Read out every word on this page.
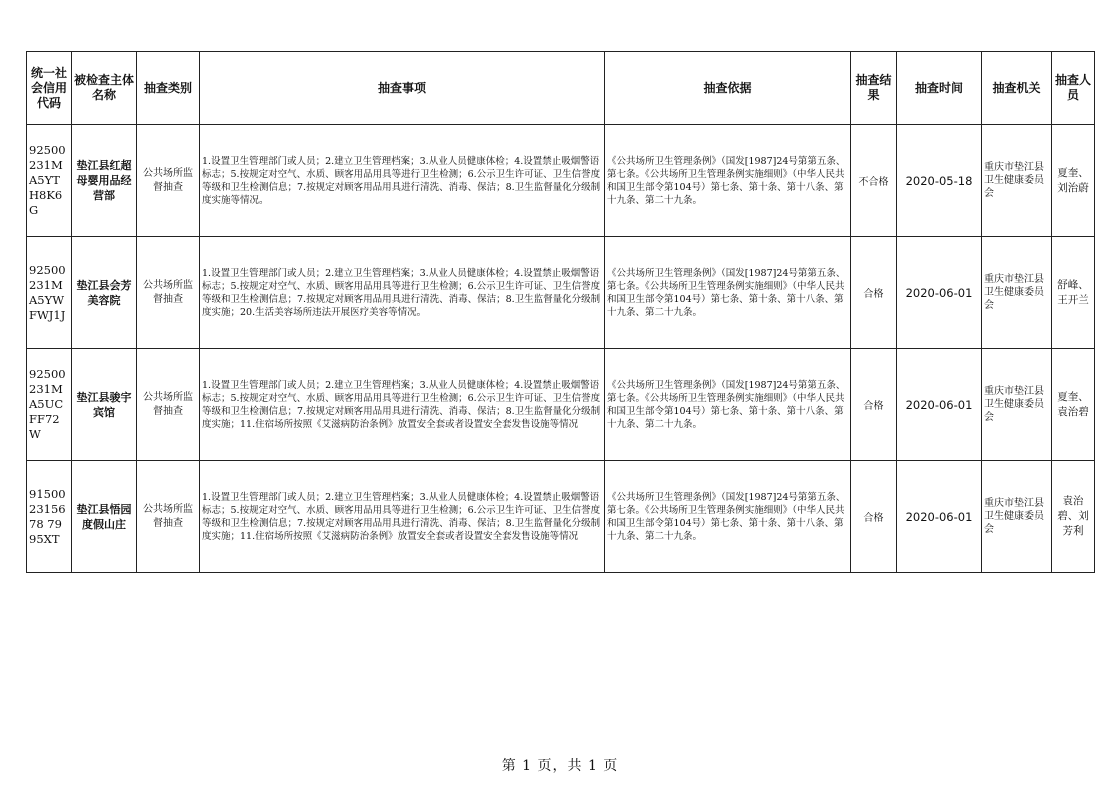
统一社会信用代码	被检查主体名称	抽查类别	抽查事项	抽查依据	抽查结果	抽查时间	抽查机关	抽查人员
92500231MA5YTH8K6G	垫江县红超母婴用品经营部	公共场所监督抽查	1.设置卫生管理部门或人员；2.建立卫生管理档案；3.从业人员健康体检；4.设置禁止吸烟警语标志；5.按规定对空气、水质、顾客用品用具等进行卫生检测；6.公示卫生许可证、卫生信誉度等级和卫生检测信息；7.按规定对顾客用品用具进行清洗、消毒、保洁；8.卫生监督量化分级制度实施等情况。	《公共场所卫生管理条例》（国发[1987]24号第第五条、第七条。《公共场所卫生管理条例实施细则》（中华人民共和国卫生部令第104号）第七条、第十条、第十八条、第十九条、第二十九条。	不合格	2020-05-18	重庆市垫江县卫生健康委员会	夏奎、刘治蔚
92500231MA5YWFWJ1J	垫江县会芳美容院	公共场所监督抽查	1.设置卫生管理部门或人员；2.建立卫生管理档案；3.从业人员健康体检；4.设置禁止吸烟警语标志；5.按规定对空气、水质、顾客用品用具等进行卫生检测；6.公示卫生许可证、卫生信誉度等级和卫生检测信息；7.按规定对顾客用品用具进行清洗、消毒、保洁；8.卫生监督量化分级制度实施；20.生活美容场所违法开展医疗美容等情况。	《公共场所卫生管理条例》（国发[1987]24号第第五条、第七条。《公共场所卫生管理条例实施细则》（中华人民共和国卫生部令第104号）第七条、第十条、第十八条、第十九条、第二十九条。	合格	2020-06-01	重庆市垫江县卫生健康委员会	舒峰、王开兰
92500231MA5UCFF72W	垫江县骏宇宾馆	公共场所监督抽查	1.设置卫生管理部门或人员；2.建立卫生管理档案；3.从业人员健康体检；4.设置禁止吸烟警语标志；5.按规定对空气、水质、顾客用品用具等进行卫生检测；6.公示卫生许可证、卫生信誉度等级和卫生检测信息；7.按规定对顾客用品用具进行清洗、消毒、保洁；8.卫生监督量化分级制度实施；11.住宿场所按照《艾滋病防治条例》放置安全套或者设置安全套发售设施等情况	《公共场所卫生管理条例》（国发[1987]24号第第五条、第七条。《公共场所卫生管理条例实施细则》（中华人民共和国卫生部令第104号）第七条、第十条、第十八条、第十九条、第二十九条。	合格	2020-06-01	重庆市垫江县卫生健康委员会	夏奎、袁治碧
915002315678 7995XT	垫江县悟园度假山庄	公共场所监督抽查	1.设置卫生管理部门或人员；2.建立卫生管理档案；3.从业人员健康体检；4.设置禁止吸烟警语标志；5.按规定对空气、水质、顾客用品用具等进行卫生检测；6.公示卫生许可证、卫生信誉度等级和卫生检测信息；7.按规定对顾客用品用具进行清洗、消毒、保洁；8.卫生监督量化分级制度实施；11.住宿场所按照《艾滋病防治条例》放置安全套或者设置安全套发售设施等情况	《公共场所卫生管理条例》（国发[1987]24号第第五条、第七条。《公共场所卫生管理条例实施细则》（中华人民共和国卫生部令第104号）第七条、第十条、第十八条、第十九条、第二十九条。	合格	2020-06-01	重庆市垫江县卫生健康委员会	袁治碧、刘芳利
第 1 页，共 1 页
